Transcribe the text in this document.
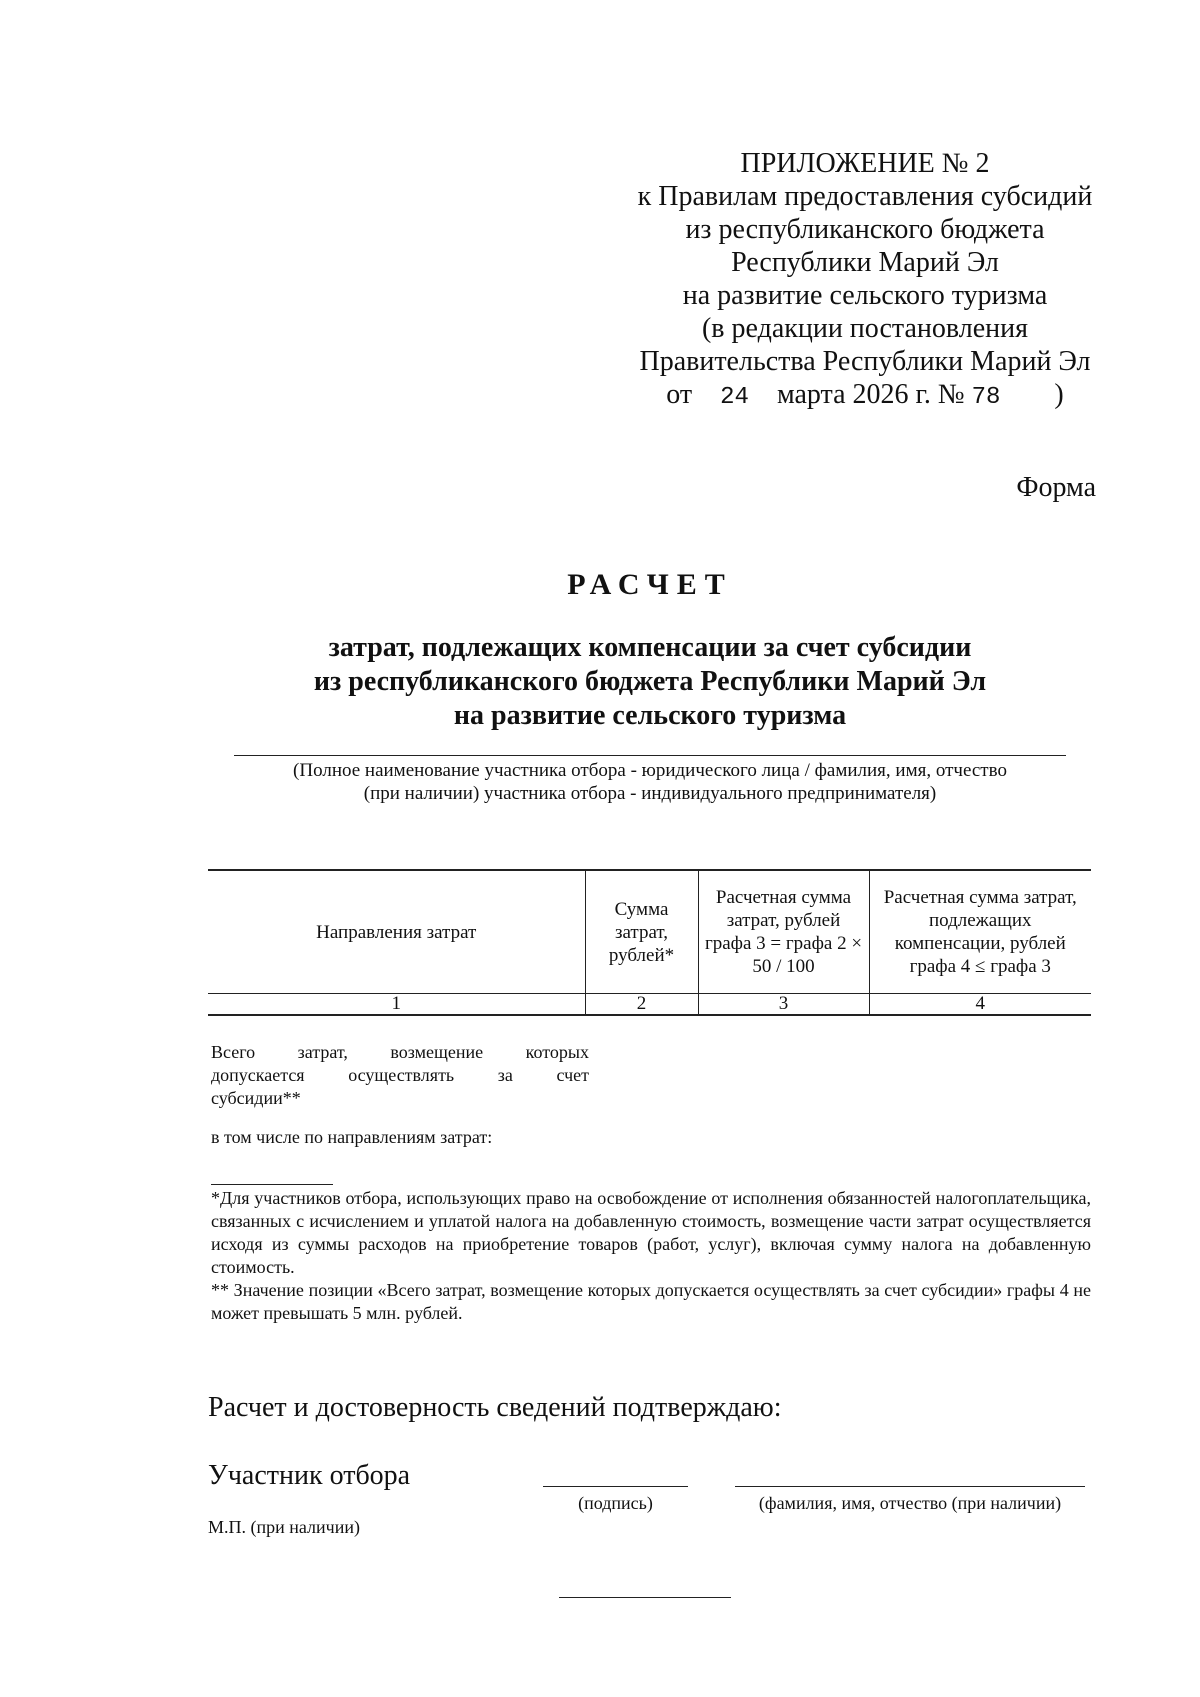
ПРИЛОЖЕНИЕ № 2
к Правилам предоставления субсидий
из республиканского бюджета
Республики Марий Эл
на развитие сельского туризма
(в редакции постановления
Правительства Республики Марий Эл
от 24 марта 2026 г. № 78 )
Форма
РАСЧЕТ
затрат, подлежащих компенсации за счет субсидии
из республиканского бюджета Республики Марий Эл
на развитие сельского туризма
(Полное наименование участника отбора - юридического лица / фамилия, имя, отчество
(при наличии) участника отбора - индивидуального предпринимателя)
Направления затрат	Сумма затрат, рублей*	Расчетная сумма затрат, рублей графа 3 = графа 2 × 50 / 100	Расчетная сумма затрат, подлежащих компенсации, рублей графа 4 ≤ графа 3
1	2	3	4
Всего затрат, возмещение которых
допускается осуществлять за счет
субсидии**
в том числе по направлениям затрат:

*Для участников отбора, использующих право на освобождение от исполнения обязанностей налогоплательщика, связанных с исчислением и уплатой налога на добавленную стоимость, возмещение части затрат осуществляется исходя из суммы расходов на приобретение товаров (работ, услуг), включая сумму налога на добавленную стоимость.

** Значение позиции «Всего затрат, возмещение которых допускается осуществлять за счет субсидии» графы 4 не может превышать 5 млн. рублей.

Расчет и достоверность сведений подтверждаю:
Участник отбора
(подпись)	(фамилия, имя, отчество (при наличии)
М.П. (при наличии)
